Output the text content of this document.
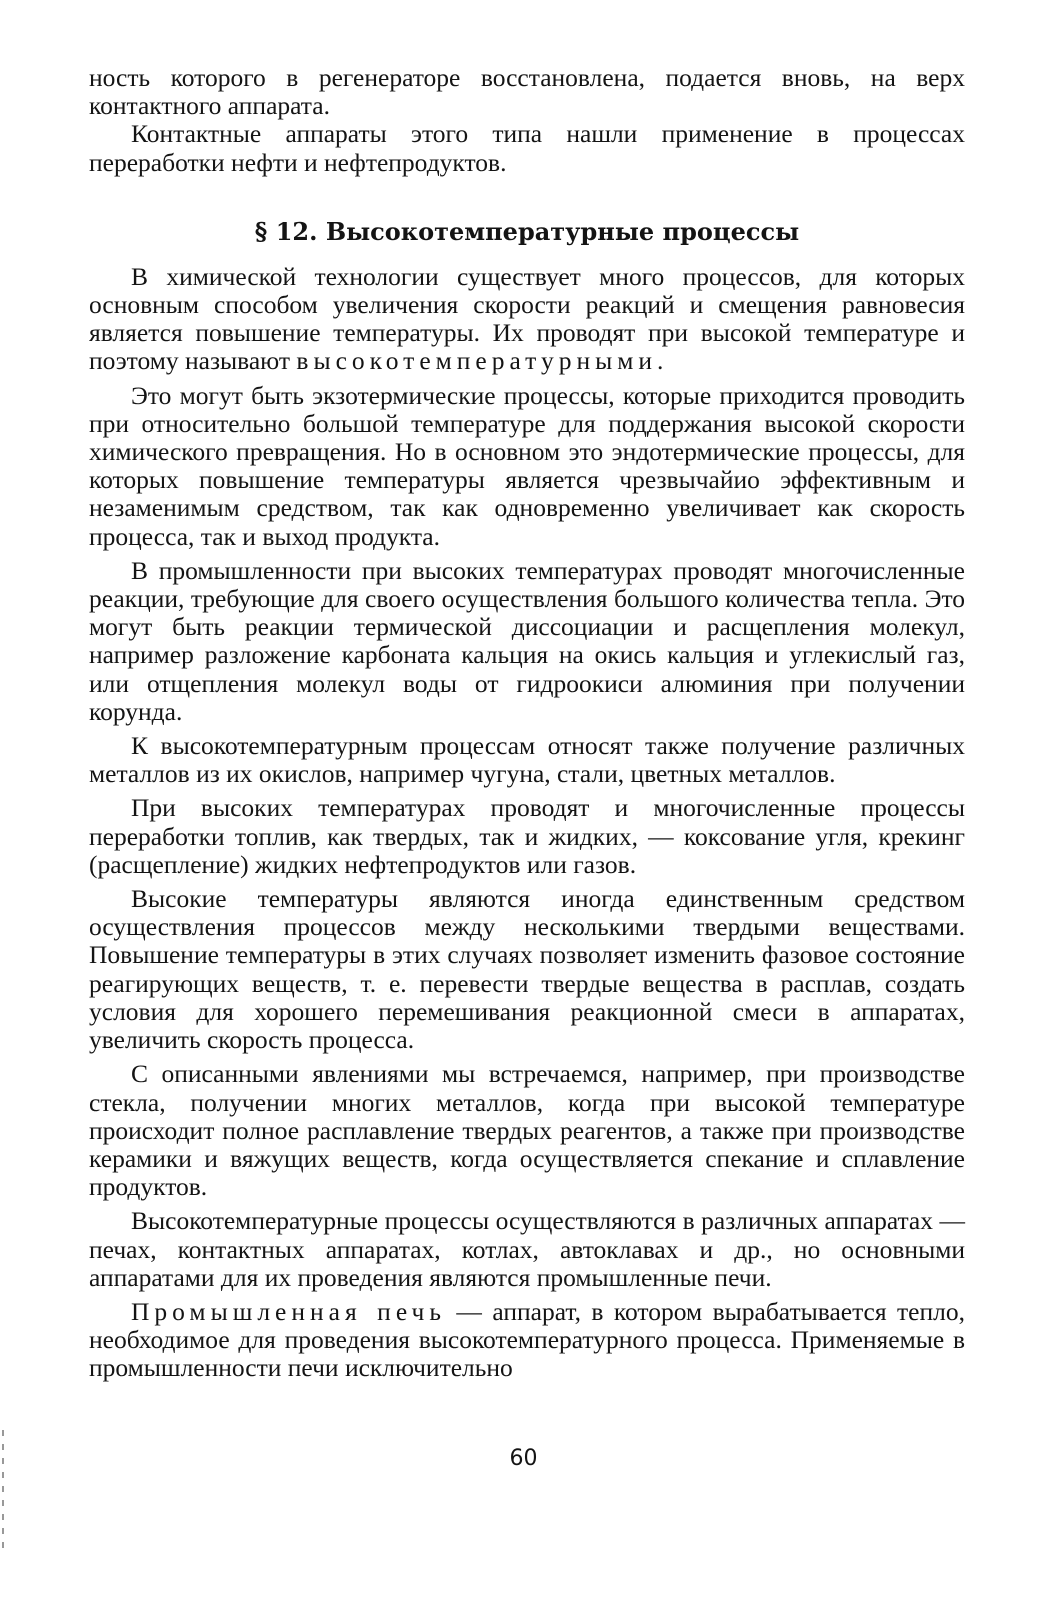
ность которого в регенераторе восстановлена, подается вновь, на верх контактного аппарата.

Контактные аппараты этого типа нашли применение в процессах переработки нефти и нефтепродуктов.

§ 12. Высокотемпературные процессы

В химической технологии существует много процессов, для которых основным способом увеличения скорости реакций и смещения равновесия является повышение температуры. Их проводят при высокой температуре и поэтому называют высокотемпературными.

Это могут быть экзотермические процессы, которые приходится проводить при относительно большой температуре для поддержания высокой скорости химического превращения. Но в основном это эндотермические процессы, для которых повышение температуры является чрезвычайио эффективным и незаменимым средством, так как одновременно увеличивает как скорость процесса, так и выход продукта.

В промышленности при высоких температурах проводят многочисленные реакции, требующие для своего осуществления большого количества тепла. Это могут быть реакции термической диссоциации и расщепления молекул, например разложение карбоната кальция на окись кальция и углекислый газ, или отщепления молекул воды от гидроокиси алюминия при получении корунда.

К высокотемпературным процессам относят также получение различных металлов из их окислов, например чугуна, стали, цветных металлов.

При высоких температурах проводят и многочисленные процессы переработки топлив, как твердых, так и жидких, — коксование угля, крекинг (расщепление) жидких нефтепродуктов или газов.

Высокие температуры являются иногда единственным средством осуществления процессов между несколькими твердыми веществами. Повышение температуры в этих случаях позволяет изменить фазовое состояние реагирующих веществ, т. е. перевести твердые вещества в расплав, создать условия для хорошего перемешивания реакционной смеси в аппаратах, увеличить скорость процесса.

С описанными явлениями мы встречаемся, например, при производстве стекла, получении многих металлов, когда при высокой температуре происходит полное расплавление твердых реагентов, а также при производстве керамики и вяжущих веществ, когда осуществляется спекание и сплавление продуктов.

Высокотемпературные процессы осуществляются в различных аппаратах — печах, контактных аппаратах, котлах, автоклавах и др., но основными аппаратами для их проведения являются промышленные печи.

Промышленная печь — аппарат, в котором вырабатывается тепло, необходимое для проведения высокотемпературного процесса. Применяемые в промышленности печи исключительно

60
